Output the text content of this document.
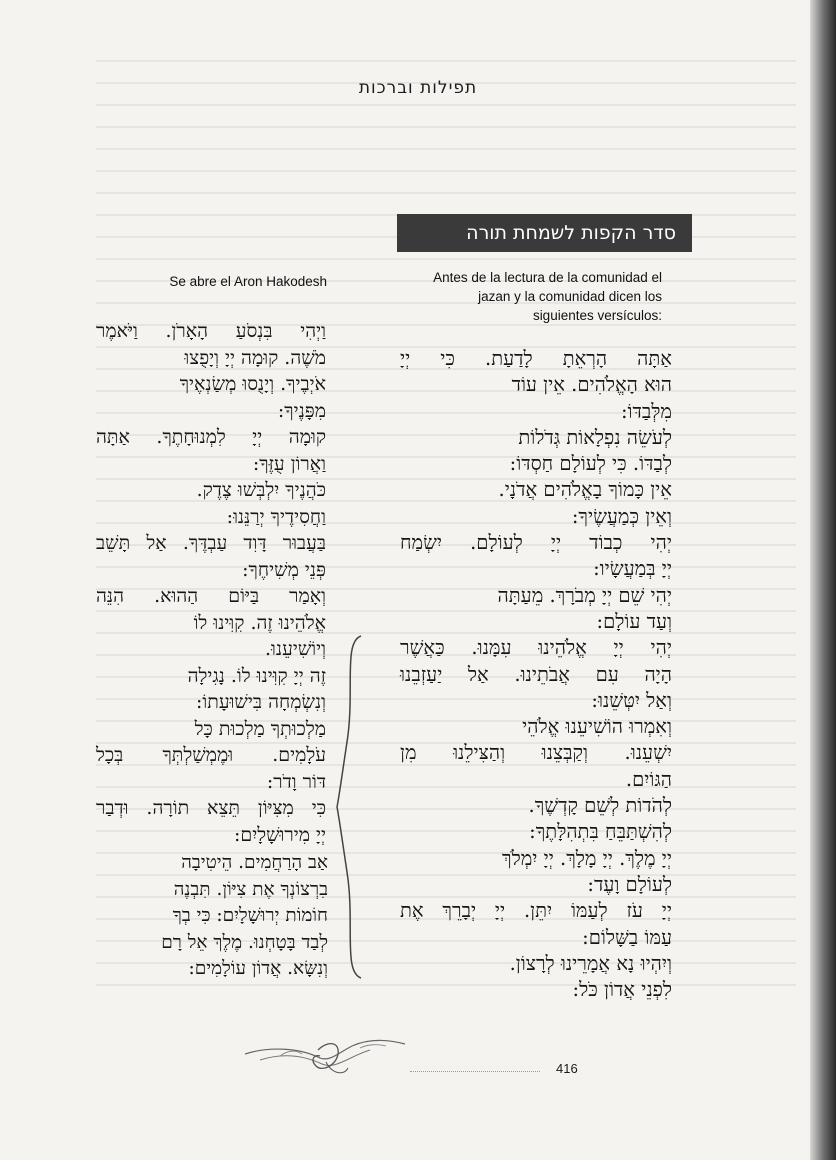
תפילות וברכות
סדר הקפות לשמחת תורה
Se abre el Aron Hakodesh	Antes de la lectura de la comunidad el
jazan y la comunidad dicen los
siguientes versículos:
וַיְהִי בִּנְסֹעַ הָאָרֹן. וַיֹּאמֶר
מֹשֶׁה. קוּמָה יְיָ וְיָפֻצוּ
אֹיְבֶיךָ. וְיָנֻסוּ מְשַׂנְאֶיךָ
מִפָּנֶיךָ:
קוּמָה יְיָ לִמְנוּחָתֶךָ. אַתָּה
וַאֲרוֹן עֻזֶּךָ:
כֹּהֲנֶיךָ יִלְבְּשׁוּ צֶדֶק.
וַחֲסִידֶיךָ יְרַנֵּנוּ:
בַּעֲבוּר דָּוִד עַבְדֶּךָ. אַל תָּשֵׁב
פְּנֵי מְשִׁיחֶךָ:
וְאָמַר בַּיּוֹם הַהוּא. הִנֵּה
אֱלֹהֵינוּ זֶה. קִוִּינוּ לוֹ
וְיוֹשִׁיעֵנוּ.
זֶה יְיָ קִוִּינוּ לוֹ. נָגִילָה
וְנִשְׂמְחָה בִּישׁוּעָתוֹ:
מַלְכוּתְךָ מַלְכוּת כָּל
עֹלָמִים. וּמֶמְשַׁלְתְּךָ בְּכָל
דּוֹר וָדֹר:
כִּי מִצִּיּוֹן תֵּצֵא תוֹרָה. וּדְבַר
יְיָ מִירוּשָׁלָיִם:
אַב הָרַחֲמִים. הֵיטִיבָה
בִרְצוֹנְךָ אֶת צִיּוֹן. תִּבְנֶה
חוֹמוֹת יְרוּשָׁלָיִם: כִּי בְךָ
לְבַד בָּטָחְנוּ. מֶלֶךְ אֵל רָם
וְנִשָּׂא. אֲדוֹן עוֹלָמִים:
אַתָּה הָרְאֵתָ לָדַעַת. כִּי יְיָ
הוּא הָאֱלֹהִים. אֵין עוֹד
מִלְּבַדּוֹ:
לְעֹשֵׂה נִפְלָאוֹת גְּדֹלוֹת
לְבַדּוֹ. כִּי לְעוֹלָם חַסְדּוֹ:
אֵין כָּמוֹךָ בָאֱלֹהִים אֲדֹנָי.
וְאֵין כְּמַעֲשֶׂיךָ:
יְהִי כְבוֹד יְיָ לְעוֹלָם. יִשְׂמַח
יְיָ בְּמַעֲשָׂיו:
יְהִי שֵׁם יְיָ מְבֹרָךְ. מֵעַתָּה
וְעַד עוֹלָם:
יְהִי יְיָ אֱלֹהֵינוּ עִמָּנוּ. כַּאֲשֶׁר
הָיָה עִם אֲבֹתֵינוּ. אַל יַעַזְבֵנוּ
וְאַל יִטְּשֵׁנוּ:
וְאִמְרוּ הוֹשִׁיעֵנוּ אֱלֹהֵי
יִשְׁעֵנוּ. וְקַבְּצֵנוּ וְהַצִּילֵנוּ מִן
הַגּוֹיִם.
לְהֹדוֹת לְשֵׁם קָדְשֶׁךָ.
לְהִשְׁתַּבֵּחַ בִּתְהִלָּתֶךָ:
יְיָ מֶלֶךְ. יְיָ מָלָךְ. יְיָ יִמְלֹךְ
לְעוֹלָם וָעֶד:
יְיָ עֹז לְעַמּוֹ יִתֵּן. יְיָ יְבָרֵךְ אֶת
עַמּוֹ בַשָּׁלוֹם:
וְיִהְיוּ נָא אֲמָרֵינוּ לְרָצוֹן.
לִפְנֵי אֲדוֹן כֹּל:
416
